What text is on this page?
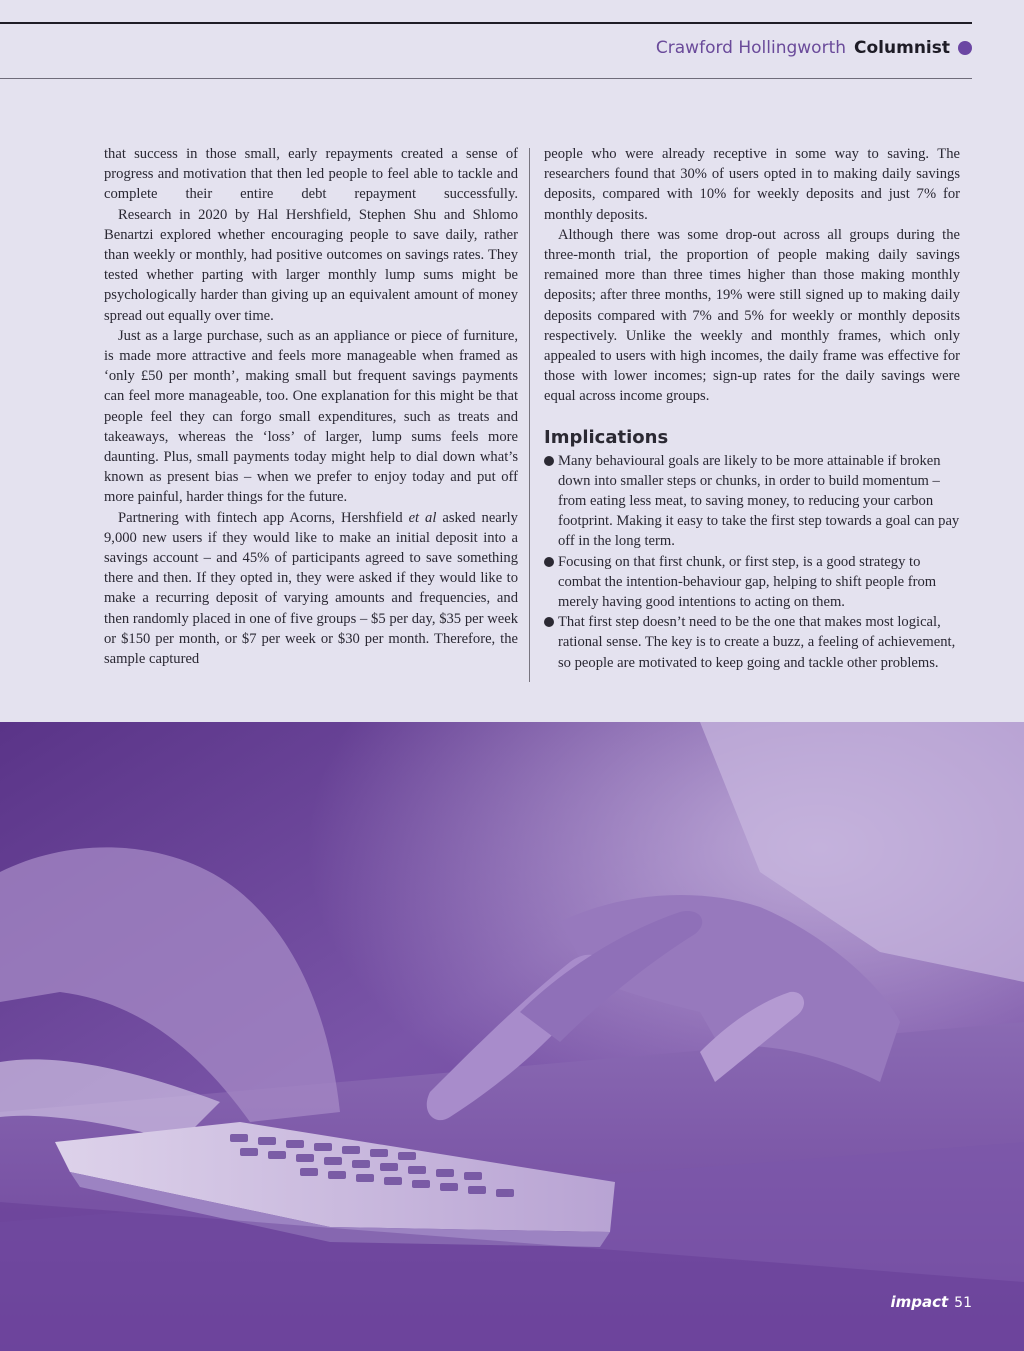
Crawford Hollingworth Columnist

that success in those small, early repayments created a sense of progress and motivation that then led people to feel able to tackle and complete their entire debt repayment successfully.

Research in 2020 by Hal Hershfield, Stephen Shu and Shlomo Benartzi explored whether encouraging people to save daily, rather than weekly or monthly, had positive outcomes on savings rates. They tested whether parting with larger monthly lump sums might be psychologically harder than giving up an equivalent amount of money spread out equally over time.

Just as a large purchase, such as an appliance or piece of furniture, is made more attractive and feels more manageable when framed as ‘only £50 per month’, making small but frequent savings payments can feel more manageable, too. One explanation for this might be that people feel they can forgo small expenditures, such as treats and takeaways, whereas the ‘loss’ of larger, lump sums feels more daunting. Plus, small payments today might help to dial down what’s known as present bias – when we prefer to enjoy today and put off more painful, harder things for the future.

Partnering with fintech app Acorns, Hershfield et al asked nearly 9,000 new users if they would like to make an initial deposit into a savings account – and 45% of participants agreed to save something there and then. If they opted in, they were asked if they would like to make a recurring deposit of varying amounts and frequencies, and then randomly placed in one of five groups – $5 per day, $35 per week or $150 per month, or $7 per week or $30 per month. Therefore, the sample captured

people who were already receptive in some way to saving. The researchers found that 30% of users opted in to making daily savings deposits, compared with 10% for weekly deposits and just 7% for monthly deposits.

Although there was some drop-out across all groups during the three-month trial, the proportion of people making daily savings remained more than three times higher than those making monthly deposits; after three months, 19% were still signed up to making daily deposits compared with 7% and 5% for weekly or monthly deposits respectively. Unlike the weekly and monthly frames, which only appealed to users with high incomes, the daily frame was effective for those with lower incomes; sign-up rates for the daily savings were equal across income groups.

Implications
Many behavioural goals are likely to be more attainable if broken down into smaller steps or chunks, in order to build momentum – from eating less meat, to saving money, to reducing your carbon footprint. Making it easy to take the first step towards a goal can pay off in the long term.
Focusing on that first chunk, or first step, is a good strategy to combat the intention-behaviour gap, helping to shift people from merely having good intentions to acting on them.
That first step doesn’t need to be the one that makes most logical, rational sense. The key is to create a buzz, a feeling of achievement, so people are motivated to keep going and tackle other problems.
impact 51
